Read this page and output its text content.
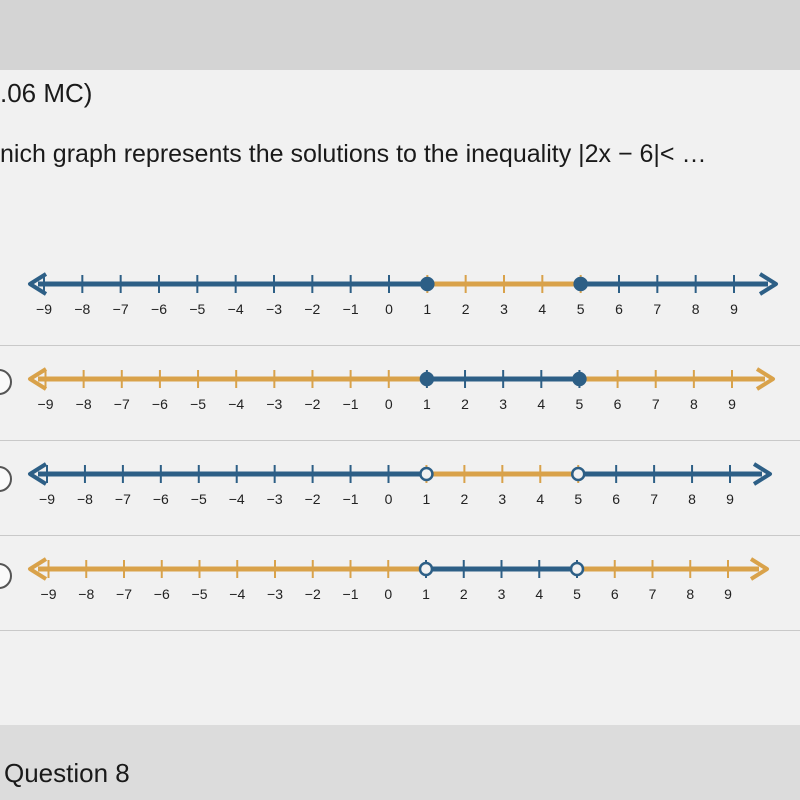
.06 MC)
nich graph represents the solutions to the inequality |2x − 6|< …
−9 −8 −7 −6 −5 −4 −3 −2 −1 0 1 2 3 4 5 6 7 8 9
−9 −8 −7 −6 −5 −4 −3 −2 −1 0 1 2 3 4 5 6 7 8 9
−9 −8 −7 −6 −5 −4 −3 −2 −1 0 1 2 3 4 5 6 7 8 9
−9 −8 −7 −6 −5 −4 −3 −2 −1 0 1 2 3 4 5 6 7 8 9
Question 8
